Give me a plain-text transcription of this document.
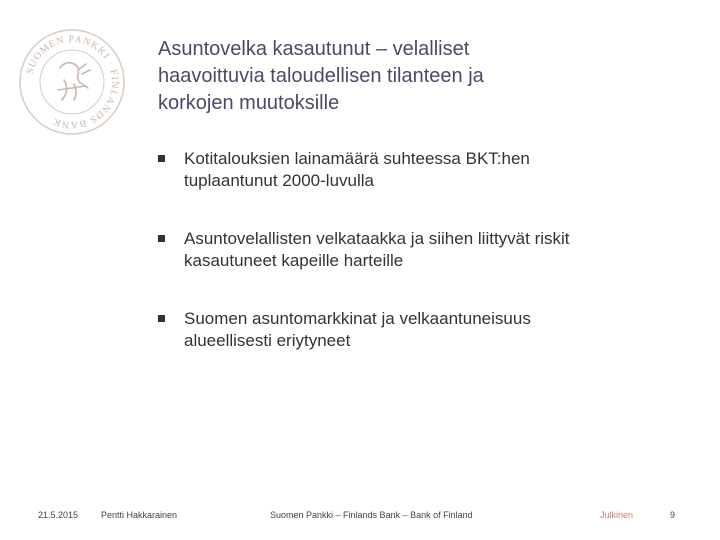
SUOMEN PANKKI · FINLANDS BANK
Asuntovelka kasautunut – velalliset
haavoittuvia taloudellisen tilanteen ja
korkojen muutoksille
Kotitalouksien lainamäärä suhteessa BKT:hen
tuplaantunut 2000-luvulla
Asuntovelallisten velkataakka ja siihen liittyvät riskit
kasautuneet kapeille harteille
Suomen asuntomarkkinat ja velkaantuneisuus
alueellisesti eriytyneet
21.5.2015	Pentti Hakkarainen	Suomen Pankki – Finlands Bank – Bank of Finland	Julkinen	9
